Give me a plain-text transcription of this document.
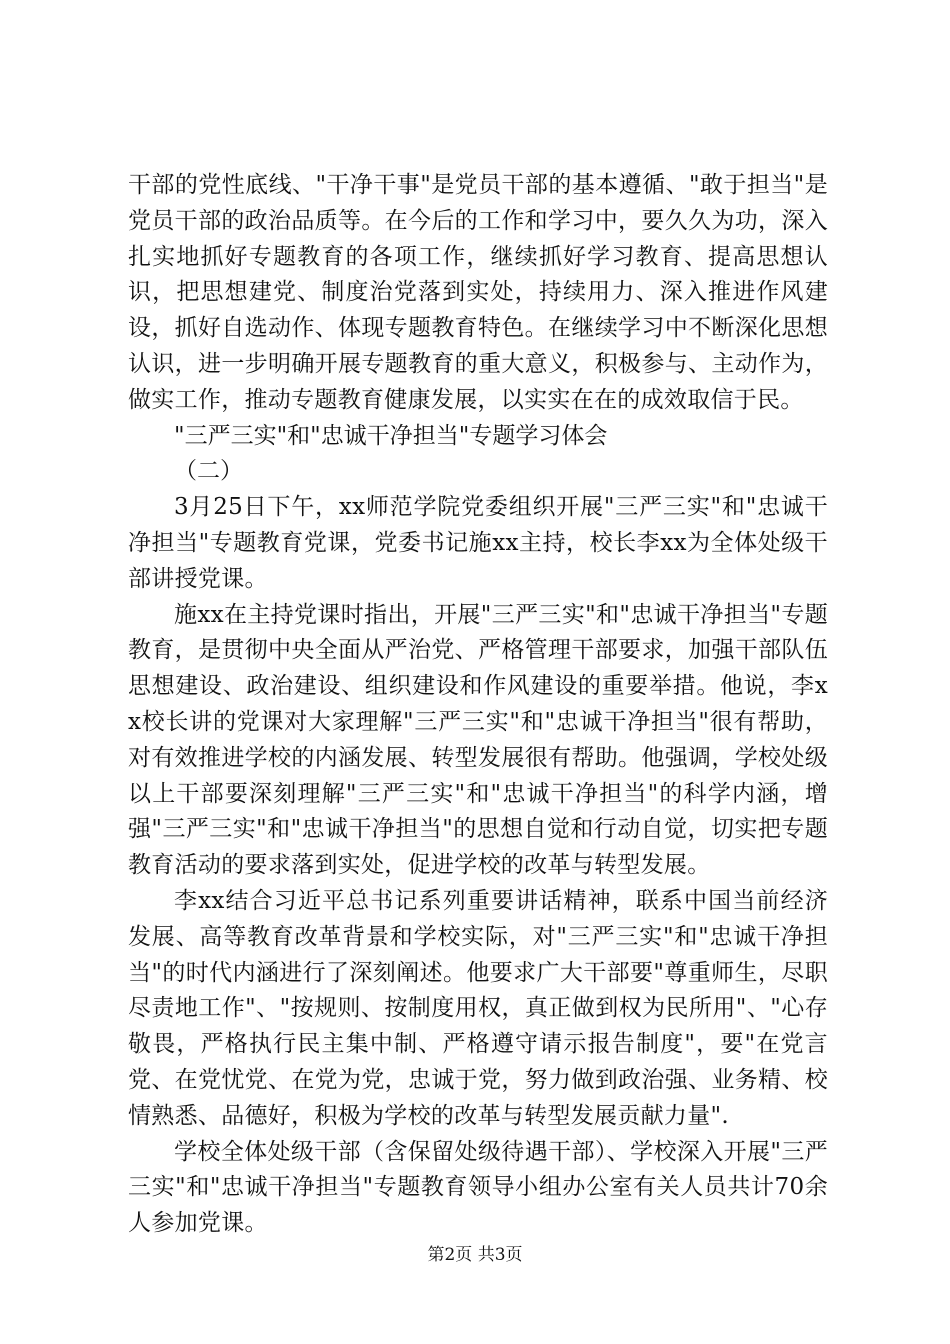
干部的党性底线、"干净干事"是党员干部的基本遵循、"敢于担当"是党员干部的政治品质等。在今后的工作和学习中，要久久为功，深入扎实地抓好专题教育的各项工作，继续抓好学习教育、提高思想认识，把思想建党、制度治党落到实处，持续用力、深入推进作风建设，抓好自选动作、体现专题教育特色。在继续学习中不断深化思想认识，进一步明确开展专题教育的重大意义，积极参与、主动作为，做实工作，推动专题教育健康发展，以实实在在的成效取信于民。

"三严三实"和"忠诚干净担当"专题学习体会

（二）

3月25日下午，xx师范学院党委组织开展"三严三实"和"忠诚干净担当"专题教育党课，党委书记施xx主持，校长李xx为全体处级干部讲授党课。

施xx在主持党课时指出，开展"三严三实"和"忠诚干净担当"专题教育，是贯彻中央全面从严治党、严格管理干部要求，加强干部队伍思想建设、政治建设、组织建设和作风建设的重要举措。他说，李xx校长讲的党课对大家理解"三严三实"和"忠诚干净担当"很有帮助，对有效推进学校的内涵发展、转型发展很有帮助。他强调，学校处级以上干部要深刻理解"三严三实"和"忠诚干净担当"的科学内涵，增强"三严三实"和"忠诚干净担当"的思想自觉和行动自觉，切实把专题教育活动的要求落到实处，促进学校的改革与转型发展。

李xx结合习近平总书记系列重要讲话精神，联系中国当前经济发展、高等教育改革背景和学校实际，对"三严三实"和"忠诚干净担当"的时代内涵进行了深刻阐述。他要求广大干部要"尊重师生，尽职尽责地工作"、"按规则、按制度用权，真正做到权为民所用"、"心存敬畏，严格执行民主集中制、严格遵守请示报告制度"，要"在党言党、在党忧党、在党为党，忠诚于党，努力做到政治强、业务精、校情熟悉、品德好，积极为学校的改革与转型发展贡献力量".

学校全体处级干部（含保留处级待遇干部）、学校深入开展"三严三实"和"忠诚干净担当"专题教育领导小组办公室有关人员共计70余人参加党课。

第2页 共3页
